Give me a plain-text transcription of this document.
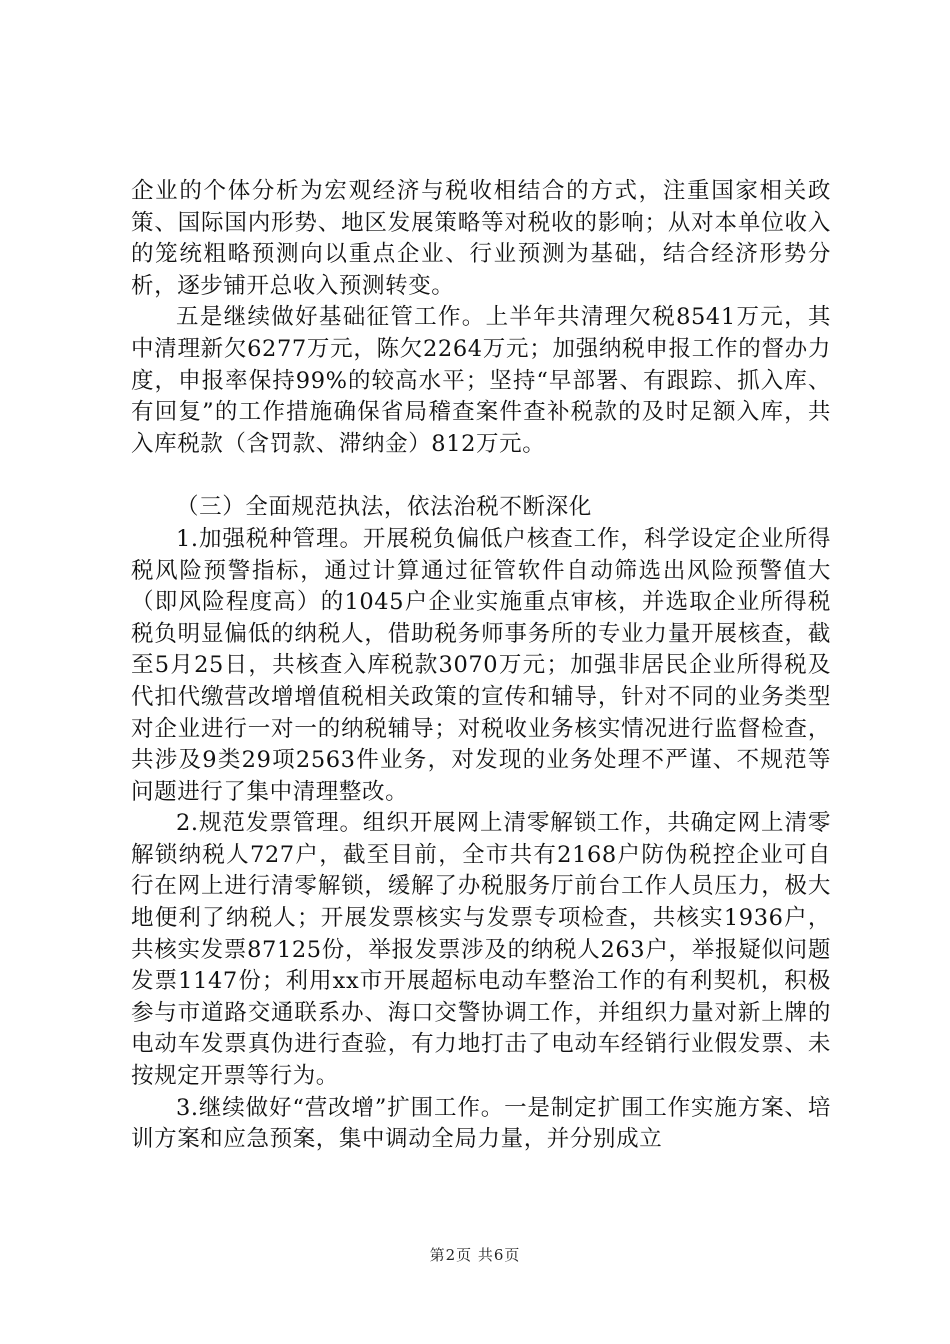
企业的个体分析为宏观经济与税收相结合的方式，注重国家相关政策、国际国内形势、地区发展策略等对税收的影响；从对本单位收入的笼统粗略预测向以重点企业、行业预测为基础，结合经济形势分析，逐步铺开总收入预测转变。

五是继续做好基础征管工作。上半年共清理欠税8541万元，其中清理新欠6277万元，陈欠2264万元；加强纳税申报工作的督办力度，申报率保持99%的较高水平；坚持“早部署、有跟踪、抓入库、有回复”的工作措施确保省局稽查案件查补税款的及时足额入库，共入库税款（含罚款、滞纳金）812万元。

（三）全面规范执法，依法治税不断深化

1.加强税种管理。开展税负偏低户核查工作，科学设定企业所得税风险预警指标，通过计算通过征管软件自动筛选出风险预警值大（即风险程度高）的1045户企业实施重点审核，并选取企业所得税税负明显偏低的纳税人，借助税务师事务所的专业力量开展核查，截至5月25日，共核查入库税款3070万元；加强非居民企业所得税及代扣代缴营改增增值税相关政策的宣传和辅导，针对不同的业务类型对企业进行一对一的纳税辅导；对税收业务核实情况进行监督检查，共涉及9类29项2563件业务，对发现的业务处理不严谨、不规范等问题进行了集中清理整改。

2.规范发票管理。组织开展网上清零解锁工作，共确定网上清零解锁纳税人727户，截至目前，全市共有2168户防伪税控企业可自行在网上进行清零解锁，缓解了办税服务厅前台工作人员压力，极大地便利了纳税人；开展发票核实与发票专项检查，共核实1936户，共核实发票87125份，举报发票涉及的纳税人263户，举报疑似问题发票1147份；利用xx市开展超标电动车整治工作的有利契机，积极参与市道路交通联系办、海口交警协调工作，并组织力量对新上牌的电动车发票真伪进行查验，有力地打击了电动车经销行业假发票、未按规定开票等行为。

3.继续做好“营改增”扩围工作。一是制定扩围工作实施方案、培训方案和应急预案，集中调动全局力量，并分别成立

第2页 共6页
